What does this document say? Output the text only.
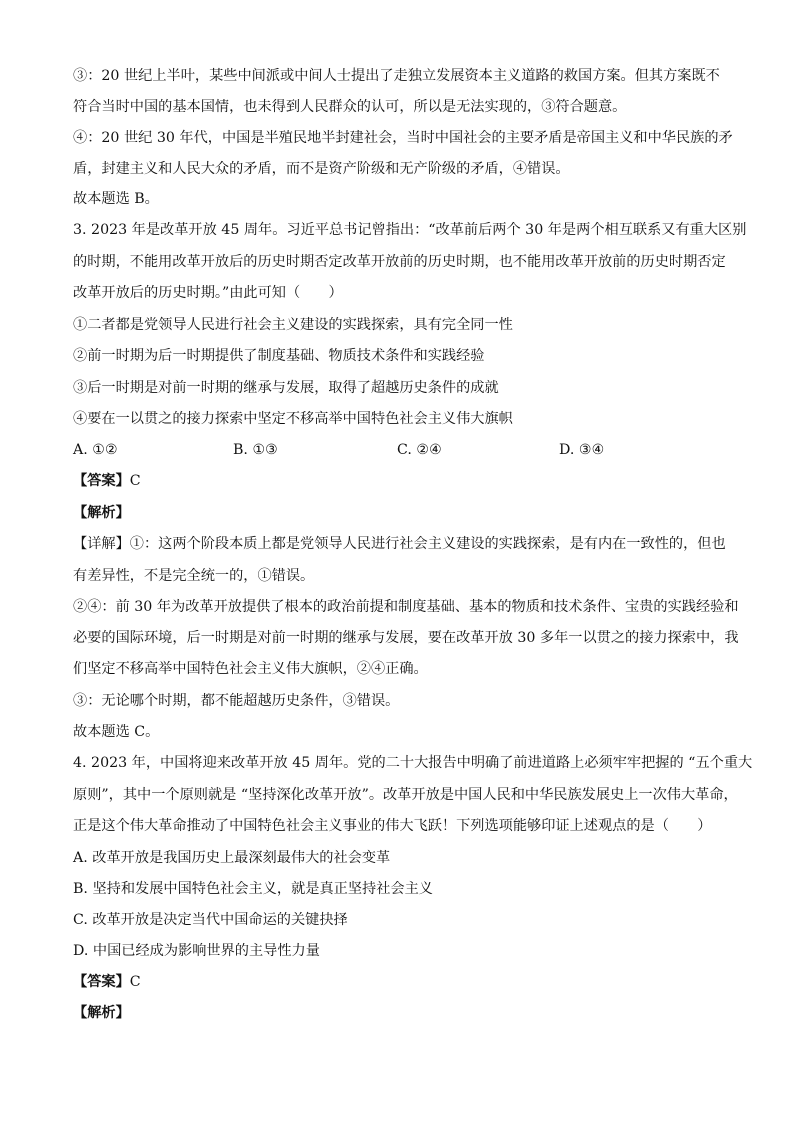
③：20 世纪上半叶，某些中间派或中间人士提出了走独立发展资本主义道路的救国方案。但其方案既不
符合当时中国的基本国情，也未得到人民群众的认可，所以是无法实现的，③符合题意。
④：20 世纪 30 年代，中国是半殖民地半封建社会，当时中国社会的主要矛盾是帝国主义和中华民族的矛
盾，封建主义和人民大众的矛盾，而不是资产阶级和无产阶级的矛盾，④错误。
故本题选 B。
3. 2023 年是改革开放 45 周年。习近平总书记曾指出：“改革前后两个 30 年是两个相互联系又有重大区别
的时期，不能用改革开放后的历史时期否定改革开放前的历史时期，也不能用改革开放前的历史时期否定
改革开放后的历史时期。”由此可知（　　）
①二者都是党领导人民进行社会主义建设的实践探索，具有完全同一性
②前一时期为后一时期提供了制度基础、物质技术条件和实践经验
③后一时期是对前一时期的继承与发展，取得了超越历史条件的成就
④要在一以贯之的接力探索中坚定不移高举中国特色社会主义伟大旗帜
A. ①②	B. ①③	C. ②④	D. ③④
【答案】C
【解析】
【详解】①：这两个阶段本质上都是党领导人民进行社会主义建设的实践探索，是有内在一致性的，但也
有差异性，不是完全统一的，①错误。
②④：前 30 年为改革开放提供了根本的政治前提和制度基础、基本的物质和技术条件、宝贵的实践经验和
必要的国际环境，后一时期是对前一时期的继承与发展，要在改革开放 30 多年一以贯之的接力探索中，我
们坚定不移高举中国特色社会主义伟大旗帜，②④正确。
③：无论哪个时期，都不能超越历史条件，③错误。
故本题选 C。
4. 2023 年，中国将迎来改革开放 45 周年。党的二十大报告中明确了前进道路上必须牢牢把握的 “五个重大
原则”，其中一个原则就是 “坚持深化改革开放”。改革开放是中国人民和中华民族发展史上一次伟大革命，
正是这个伟大革命推动了中国特色社会主义事业的伟大飞跃！下列选项能够印证上述观点的是（　　）
A. 改革开放是我国历史上最深刻最伟大的社会变革
B. 坚持和发展中国特色社会主义，就是真正坚持社会主义
C. 改革开放是决定当代中国命运的关键抉择
D. 中国已经成为影响世界的主导性力量
【答案】C
【解析】
